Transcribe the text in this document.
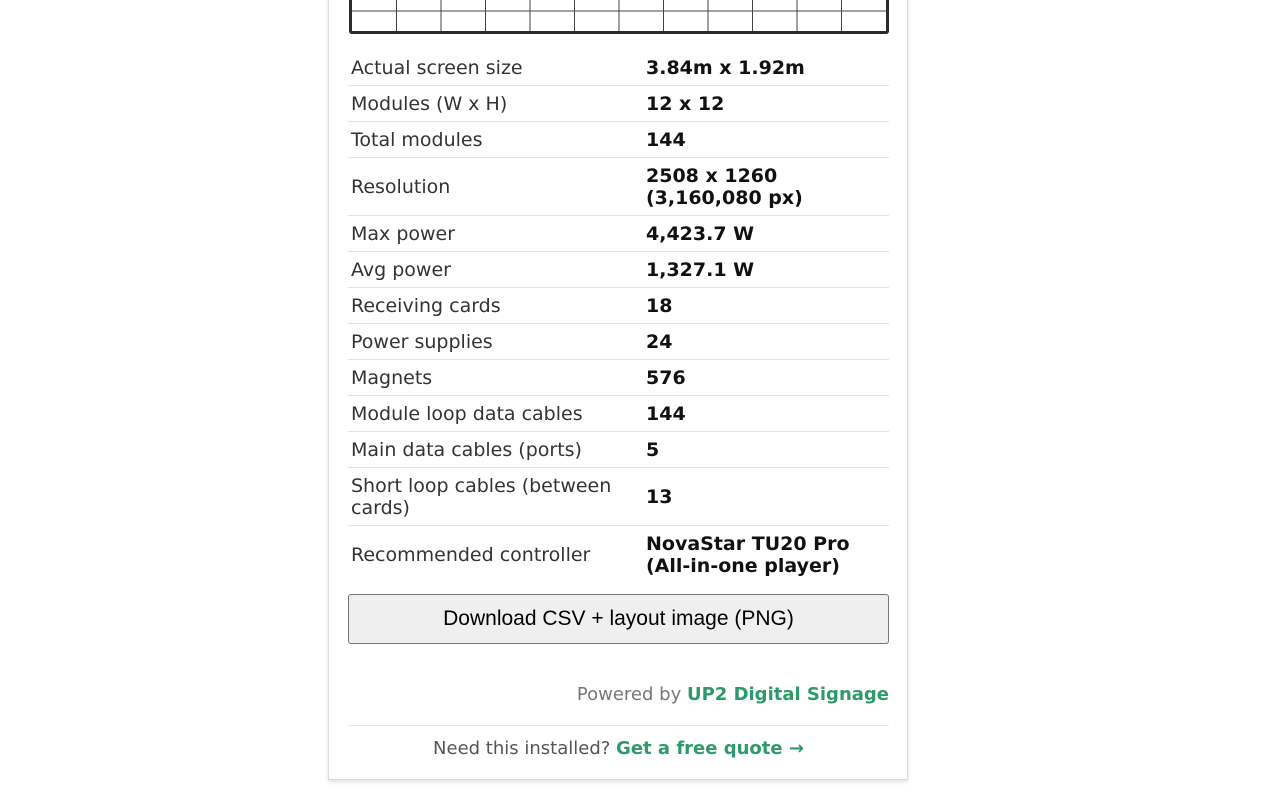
Actual screen size	3.84m x 1.92m
Modules (W x H)	12 x 12
Total modules	144
Resolution	2508 x 1260 (3,160,080 px)
Max power	4,423.7 W
Avg power	1,327.1 W
Receiving cards	18
Power supplies	24
Magnets	576
Module loop data cables	144
Main data cables (ports)	5
Short loop cables (between cards)	13
Recommended controller	NovaStar TU20 Pro (All-in-one player)
Download CSV + layout image (PNG)
Powered by UP2 Digital Signage
Need this installed? Get a free quote →
